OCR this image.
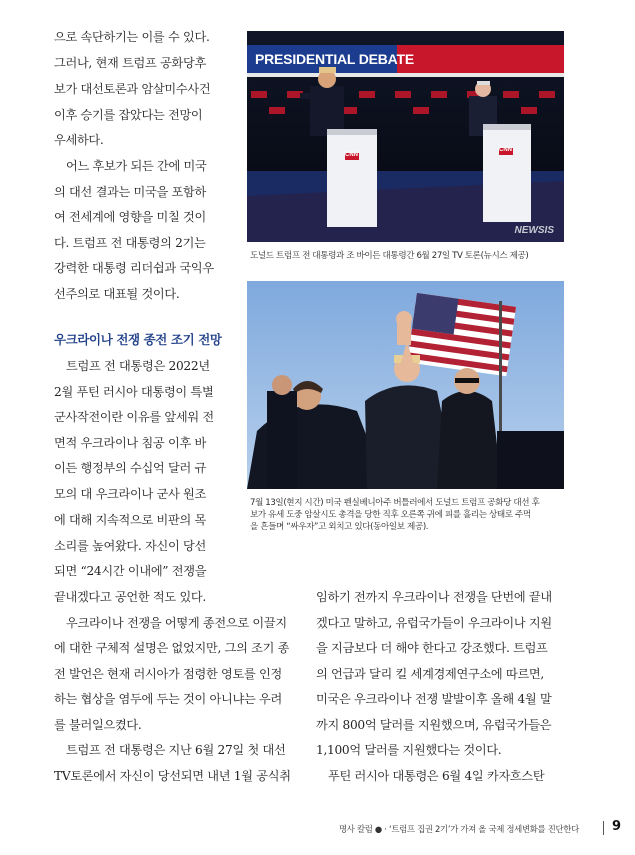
으로 속단하기는 이를 수 있다.
그러나, 현재 트럼프 공화당후
보가 대선토론과 암살미수사건
이후 승기를 잡았다는 전망이
우세하다.
어느 후보가 되든 간에 미국
의 대선 결과는 미국을 포함하
여 전세계에 영향을 미칠 것이
다. 트럼프 전 대통령의 2기는
강력한 대통령 리더쉽과 국익우
선주의로 대표될 것이다.
우크라이나 전쟁 종전 조기 전망
트럼프 전 대통령은 2022년
2월 푸틴 러시아 대통령이 특별
군사작전이란 이유를 앞세워 전
면적 우크라이나 침공 이후 바
이든 행정부의 수십억 달러 규
모의 대 우크라이나 군사 원조
에 대해 지속적으로 비판의 목
소리를 높여왔다. 자신이 당선
되면 “24시간 이내에” 전쟁을
끝내겠다고 공언한 적도 있다.
우크라이나 전쟁을 어떻게 종전으로 이끌지
에 대한 구체적 설명은 없었지만, 그의 조기 종
전 발언은 현재 러시아가 점령한 영토를 인정
하는 협상을 염두에 두는 것이 아니냐는 우려
를 불러일으켰다.
트럼프 전 대통령은 지난 6월 27일 첫 대선
TV토론에서 자신이 당선되면 내년 1월 공식취
임하기 전까지 우크라이나 전쟁을 단번에 끝내
겠다고 말하고, 유럽국가들이 우크라이나 지원
을 지금보다 더 해야 한다고 강조했다. 트럼프
의 언급과 달리 킬 세계경제연구소에 따르면,
미국은 우크라이나 전쟁 발발이후 올해 4월 말
까지 800억 달러를 지원했으며, 유럽국가들은
1,100억 달러를 지원했다는 것이다.
푸틴 러시아 대통령은 6월 4일 카자흐스탄
PRESIDENTIAL DEBATE
CNN
CNN
NEWSIS
도널드 트럼프 전 대통령과 조 바이든 대통령간 6월 27일 TV 토론(뉴시스 제공)
7월 13일(현지 시간) 미국 펜실베니아주 버틀러에서 도널드 트럼프 공화당 대선 후
보가 유세 도중 암살시도 총격을 당한 직후 오른쪽 귀에 피를 흘리는 상태로 주먹
을 흔들며 “싸우자”고 외치고 있다(동아일보 제공).
명사 칼럼 ● · ‘트럼프 집권 2기’가 가져 올 국제 정세변화를 진단한다	9
